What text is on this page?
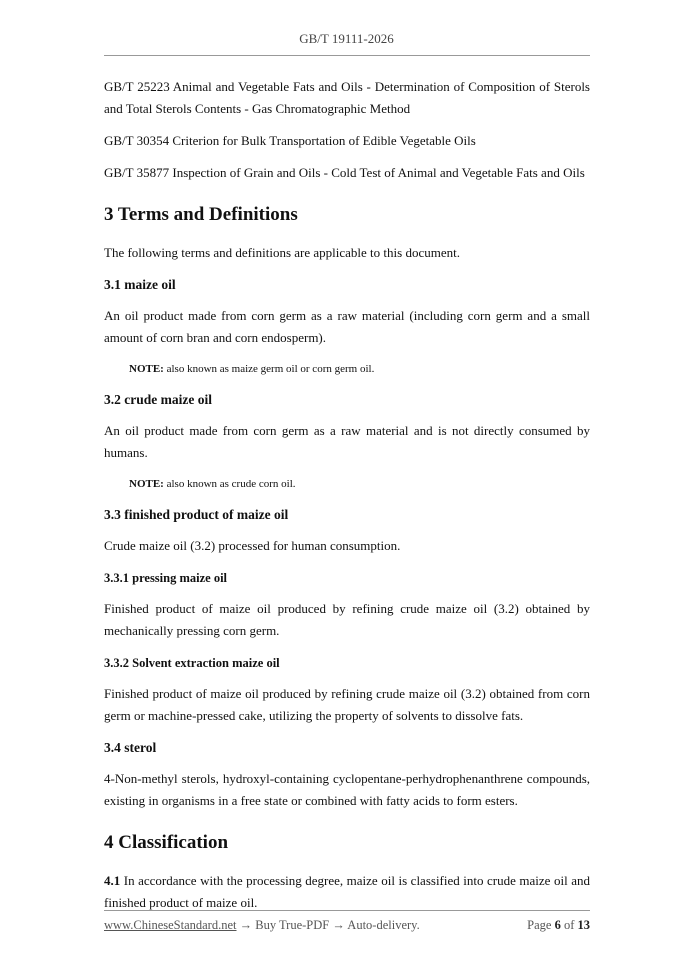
GB/T 19111-2026

GB/T 25223 Animal and Vegetable Fats and Oils - Determination of Composition of Sterols and Total Sterols Contents - Gas Chromatographic Method

GB/T 30354 Criterion for Bulk Transportation of Edible Vegetable Oils

GB/T 35877 Inspection of Grain and Oils - Cold Test of Animal and Vegetable Fats and Oils

3 Terms and Definitions

The following terms and definitions are applicable to this document.

3.1 maize oil

An oil product made from corn germ as a raw material (including corn germ and a small amount of corn bran and corn endosperm).

NOTE: also known as maize germ oil or corn germ oil.

3.2 crude maize oil

An oil product made from corn germ as a raw material and is not directly consumed by humans.

NOTE: also known as crude corn oil.

3.3 finished product of maize oil

Crude maize oil (3.2) processed for human consumption.

3.3.1 pressing maize oil

Finished product of maize oil produced by refining crude maize oil (3.2) obtained by mechanically pressing corn germ.

3.3.2 Solvent extraction maize oil

Finished product of maize oil produced by refining crude maize oil (3.2) obtained from corn germ or machine-pressed cake, utilizing the property of solvents to dissolve fats.

3.4 sterol

4-Non-methyl sterols, hydroxyl-containing cyclopentane-perhydrophenanthrene compounds, existing in organisms in a free state or combined with fatty acids to form esters.

4 Classification

4.1 In accordance with the processing degree, maize oil is classified into crude maize oil and finished product of maize oil.

www.ChineseStandard.net → Buy True-PDF → Auto-delivery.	Page 6 of 13
